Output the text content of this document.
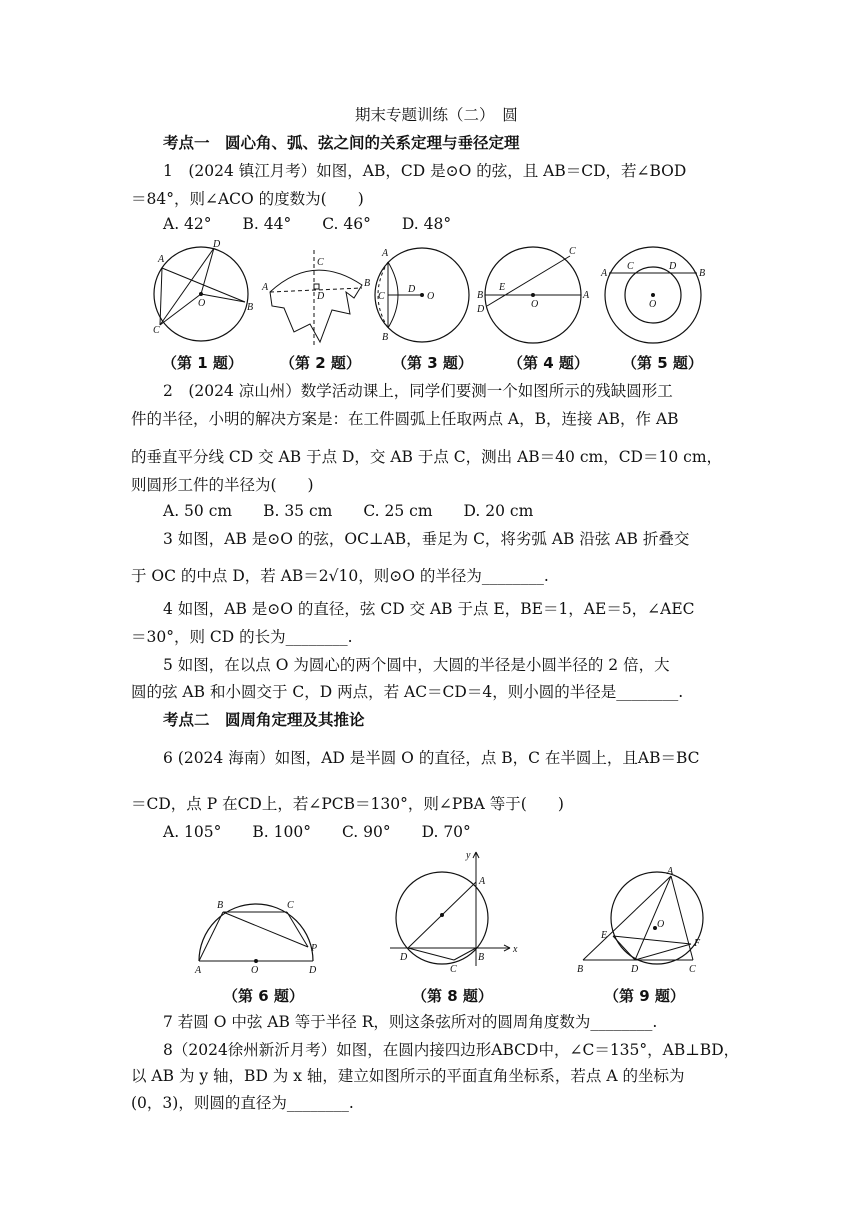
期末专题训练（二）　圆
考点一　圆心角、弧、弦之间的关系定理与垂径定理
1　(2024 镇江月考）如图，AB，CD 是⊙O 的弦，且 AB＝CD，若∠BOD
＝84°，则∠ACO 的度数为(　　)
A. 42°　　B. 44°　　C. 46°　　D. 48°
A
D
B
C
O
（第 1 题）
A	B
C
D
（第 2 题）
A
B
C
D
O
（第 3 题）
B
D
E
O
A
C
（第 4 题）
A
C	D
B
O
（第 5 题）
2　(2024 凉山州）数学活动课上，同学们要测一个如图所示的残缺圆形工
件的半径，小明的解决方案是：在工件圆弧上任取两点 A，B，连接 AB，作 AB
的垂直平分线 CD 交 AB 于点 D，交 AB 于点 C，测出 AB＝40 cm，CD＝10 cm，
则圆形工件的半径为(　　)
A. 50 cm　　B. 35 cm　　C. 25 cm　　D. 20 cm
3 如图，AB 是⊙O 的弦，OC⊥AB，垂足为 C，将劣弧 AB 沿弦 AB 折叠交
于 OC 的中点 D，若 AB＝2√10，则⊙O 的半径为________.
4 如图，AB 是⊙O 的直径，弦 CD 交 AB 于点 E，BE＝1，AE＝5，∠AEC
＝30°，则 CD 的长为________.
5 如图，在以点 O 为圆心的两个圆中，大圆的半径是小圆半径的 2 倍，大
圆的弦 AB 和小圆交于 C，D 两点，若 AC＝CD＝4，则小圆的半径是________.
考点二　圆周角定理及其推论
6 (2024 海南）如图，AD 是半圆 O 的直径，点 B，C 在半圆上，且AB＝BC
＝CD，点 P 在CD上，若∠PCB＝130°，则∠PBA 等于(　　)
A. 105°　　B. 100°　　C. 90°　　D. 70°
A
B	C
P
D
O
（第 6 题）
y
A
x
D
C
B
（第 8 题）
A
E
F
B	D	C
O
（第 9 题）
7 若圆 O 中弦 AB 等于半径 R，则这条弦所对的圆周角度数为________.
8（2024徐州新沂月考）如图，在圆内接四边形ABCD中，∠C＝135°，AB⊥BD，
以 AB 为 y 轴，BD 为 x 轴，建立如图所示的平面直角坐标系，若点 A 的坐标为
(0，3)，则圆的直径为________.
